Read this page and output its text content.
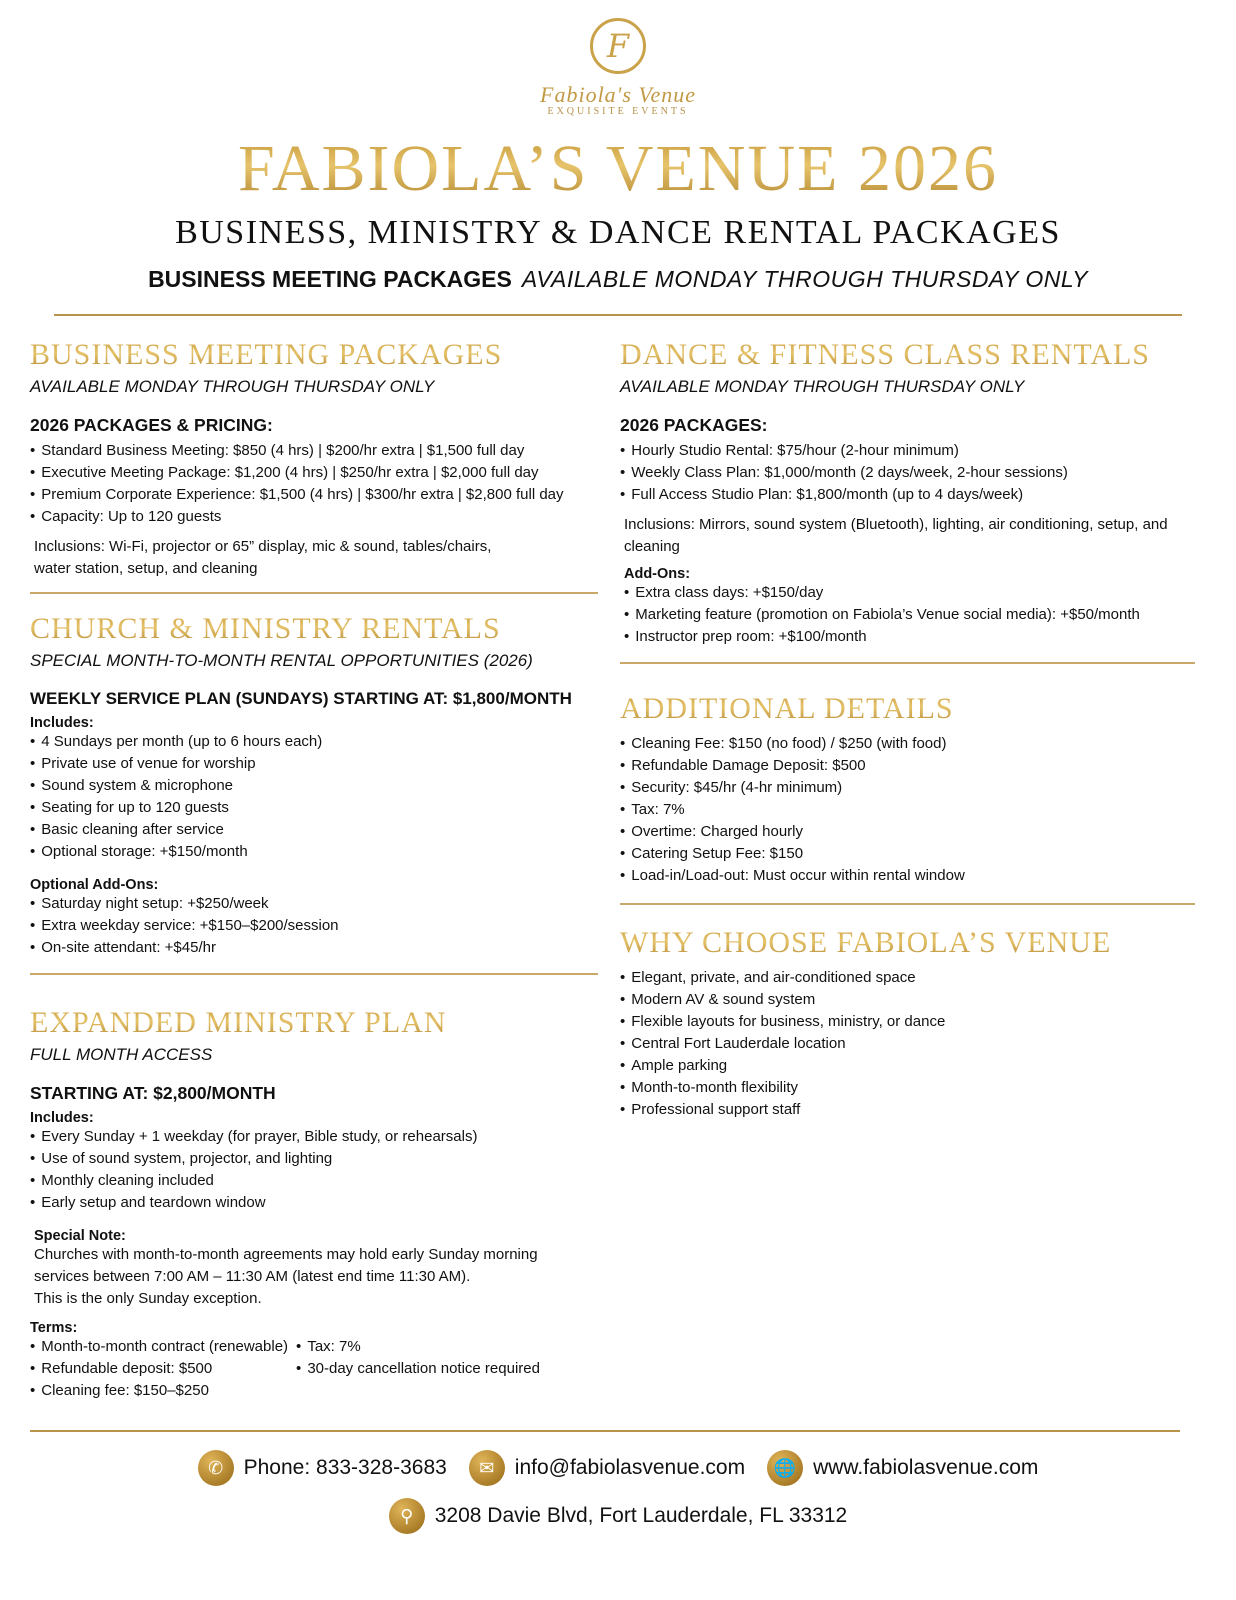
F
Fabiola's Venue
EXQUISITE EVENTS
FABIOLA’S VENUE 2026
BUSINESS, MINISTRY & DANCE RENTAL PACKAGES
BUSINESS MEETING PACKAGES AVAILABLE MONDAY THROUGH THURSDAY ONLY
BUSINESS MEETING PACKAGES
AVAILABLE MONDAY THROUGH THURSDAY ONLY
2026 PACKAGES & PRICING:
• Standard Business Meeting: $850 (4 hrs) | $200/hr extra | $1,500 full day
• Executive Meeting Package: $1,200 (4 hrs) | $250/hr extra | $2,000 full day
• Premium Corporate Experience: $1,500 (4 hrs) | $300/hr extra | $2,800 full day
• Capacity: Up to 120 guests
Inclusions: Wi-Fi, projector or 65” display, mic & sound, tables/chairs, water station, setup, and cleaning
CHURCH & MINISTRY RENTALS
SPECIAL MONTH-TO-MONTH RENTAL OPPORTUNITIES (2026)
WEEKLY SERVICE PLAN (SUNDAYS) STARTING AT: $1,800/MONTH
Includes:
• 4 Sundays per month (up to 6 hours each)
• Private use of venue for worship
• Sound system & microphone
• Seating for up to 120 guests
• Basic cleaning after service
• Optional storage: +$150/month
Optional Add-Ons:
• Saturday night setup: +$250/week
• Extra weekday service: +$150–$200/session
• On-site attendant: +$45/hr
EXPANDED MINISTRY PLAN
FULL MONTH ACCESS
STARTING AT: $2,800/MONTH
Includes:
• Every Sunday + 1 weekday (for prayer, Bible study, or rehearsals)
• Use of sound system, projector, and lighting
• Monthly cleaning included
• Early setup and teardown window
Special Note:
Churches with month-to-month agreements may hold early Sunday morning
services between 7:00 AM – 11:30 AM (latest end time 11:30 AM).
This is the only Sunday exception.
Terms:
• Month-to-month contract (renewable)
• Refundable deposit: $500
• Cleaning fee: $150–$250
• Tax: 7%
• 30-day cancellation notice required
DANCE & FITNESS CLASS RENTALS
AVAILABLE MONDAY THROUGH THURSDAY ONLY
2026 PACKAGES:
• Hourly Studio Rental: $75/hour (2-hour minimum)
• Weekly Class Plan: $1,000/month (2 days/week, 2-hour sessions)
• Full Access Studio Plan: $1,800/month (up to 4 days/week)
Inclusions: Mirrors, sound system (Bluetooth), lighting, air conditioning, setup, and cleaning
Add-Ons:
• Extra class days: +$150/day
• Marketing feature (promotion on Fabiola’s Venue social media): +$50/month
• Instructor prep room: +$100/month
ADDITIONAL DETAILS
• Cleaning Fee: $150 (no food) / $250 (with food)
• Refundable Damage Deposit: $500
• Security: $45/hr (4-hr minimum)
• Tax: 7%
• Overtime: Charged hourly
• Catering Setup Fee: $150
• Load-in/Load-out: Must occur within rental window
WHY CHOOSE FABIOLA’S VENUE
• Elegant, private, and air-conditioned space
• Modern AV & sound system
• Flexible layouts for business, ministry, or dance
• Central Fort Lauderdale location
• Ample parking
• Month-to-month flexibility
• Professional support staff
✆ Phone: 833-328-3683	✉ info@fabiolasvenue.com	🌐 www.fabiolasvenue.com
⚲	3208 Davie Blvd, Fort Lauderdale, FL 33312
